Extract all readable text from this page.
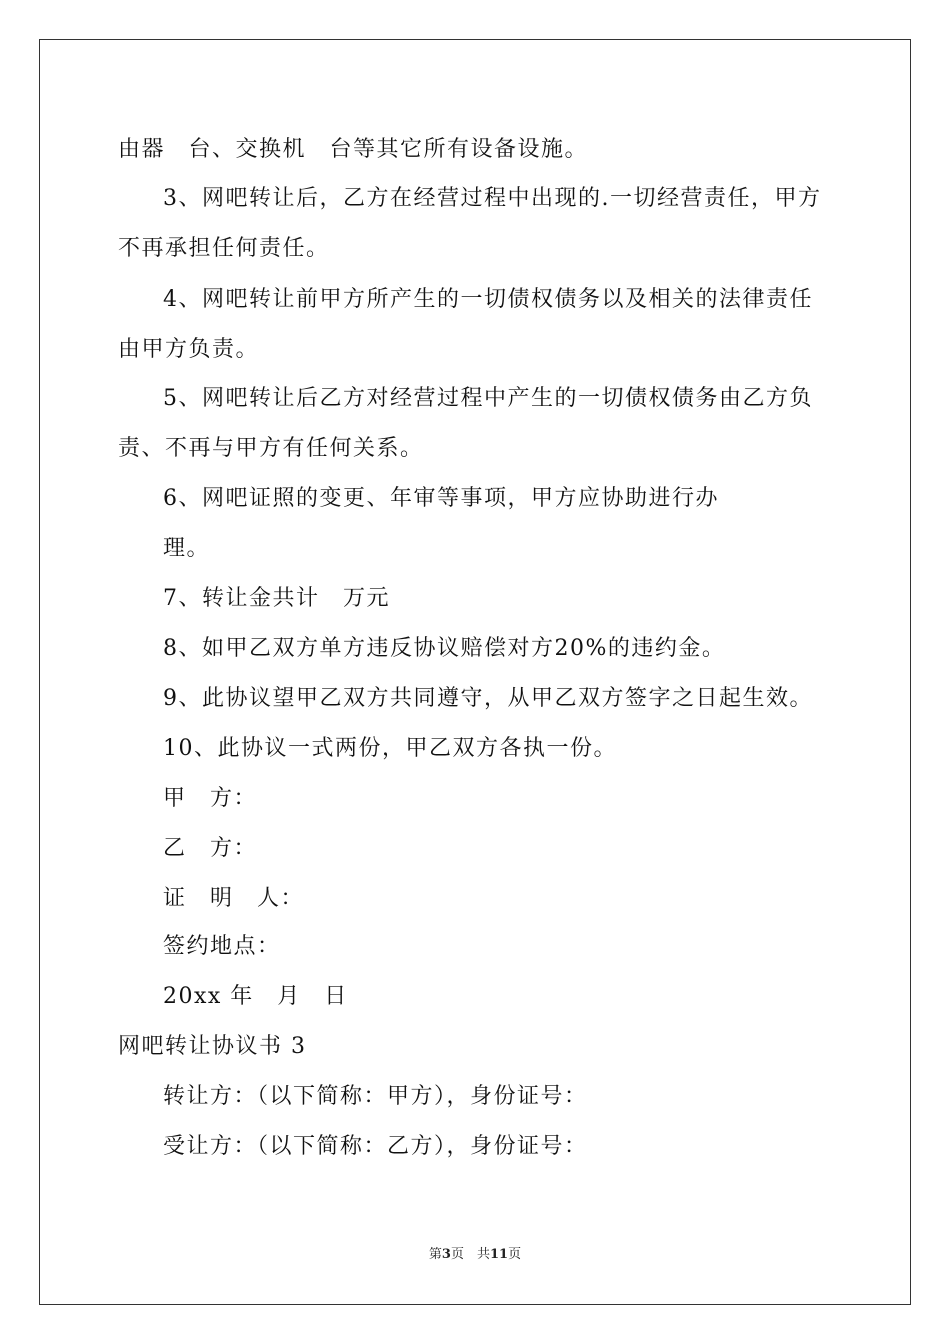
由器　台、交换机　台等其它所有设备设施。
3、网吧转让后，乙方在经营过程中出现的.一切经营责任，甲方
不再承担任何责任。
4、网吧转让前甲方所产生的一切债权债务以及相关的法律责任
由甲方负责。
5、网吧转让后乙方对经营过程中产生的一切债权债务由乙方负
责、不再与甲方有任何关系。
6、网吧证照的变更、年审等事项，甲方应协助进行办
理。
7、转让金共计　万元
8、如甲乙双方单方违反协议赔偿对方20%的违约金。
9、此协议望甲乙双方共同遵守，从甲乙双方签字之日起生效。
10、此协议一式两份，甲乙双方各执一份。
甲　方：
乙　方：
证　明　人：
签约地点：
20xx 年　月　日
网吧转让协议书 3
转让方：（以下简称：甲方），身份证号：
受让方：（以下简称：乙方），身份证号：
第3页　共11页
